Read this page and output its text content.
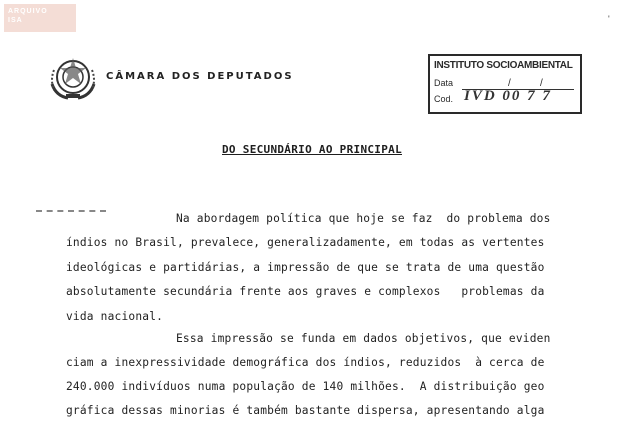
ARQUIVO
ISA
CÂMARA DOS DEPUTADOS
INSTITUTO SOCIOAMBIENTAL
Data	/	/
Cod. IVD 00 7 7
'
DO SECUNDÁRIO AO PRINCIPAL
Na abordagem política que hoje se faz  do problema dos
índios no Brasil, prevalece, generalizadamente, em todas as vertentes
ideológicas e partidárias, a impressão de que se trata de uma questão
absolutamente secundária frente aos graves e complexos   problemas da
vida nacional.
Essa impressão se funda em dados objetivos, que eviden
ciam a inexpressividade demográfica dos índios, reduzidos  à cerca de
240.000 indivíduos numa população de 140 milhões.  A distribuição geo
gráfica dessas minorias é também bastante dispersa, apresentando alga
